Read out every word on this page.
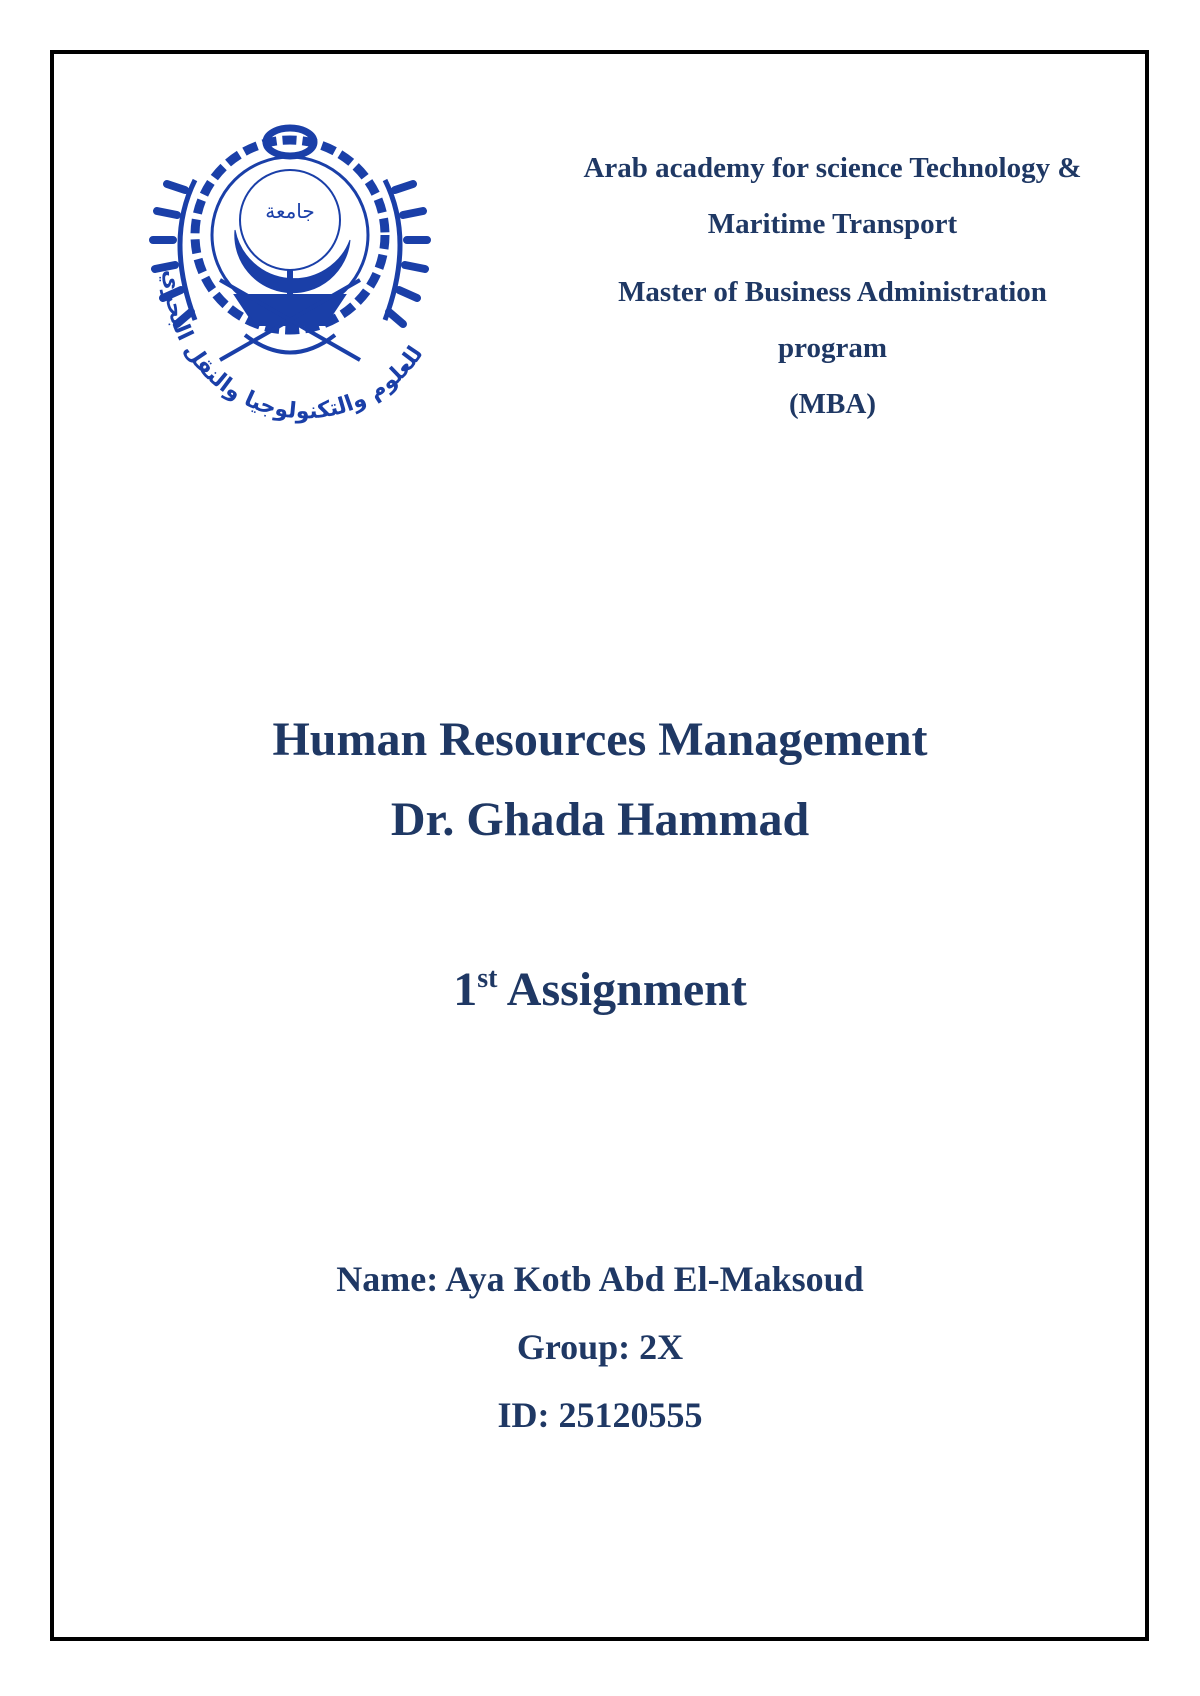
للعلوم والتكنولوجيا والنقل البحري
جامعة
Arab academy for science Technology &
Maritime Transport
Master of Business Administration
program
(MBA)
Human Resources Management
Dr. Ghada Hammad
1st Assignment
Name: Aya Kotb Abd El-Maksoud
Group: 2X
ID: 25120555
